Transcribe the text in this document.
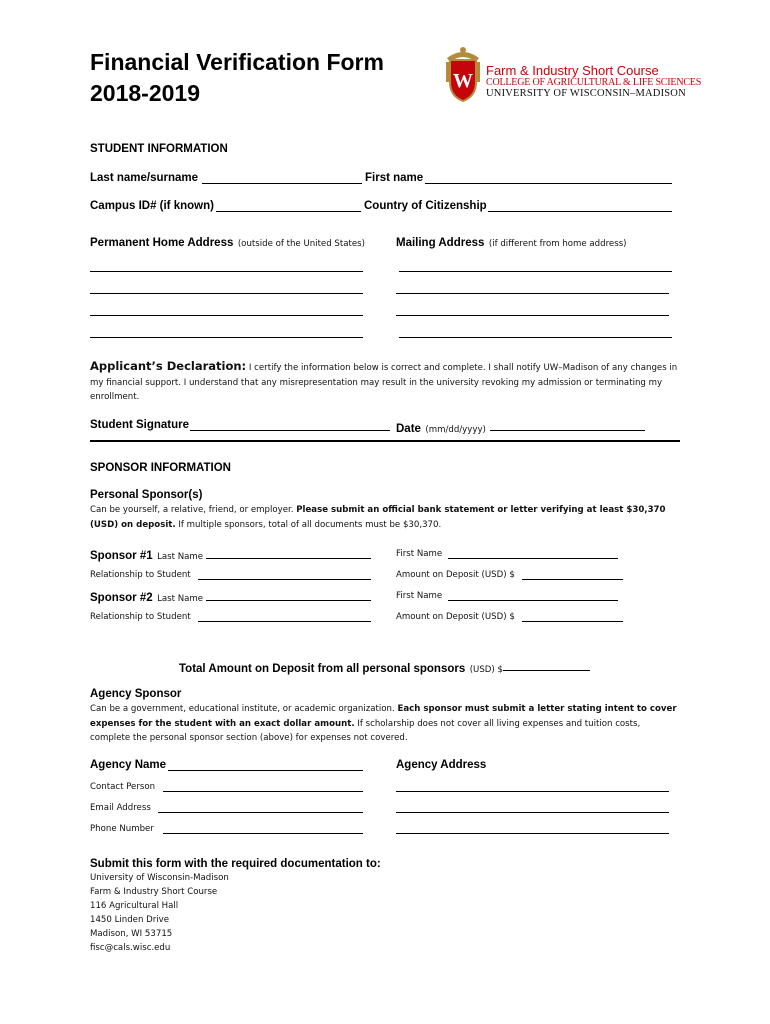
Financial Verification Form
2018-2019	W Farm & Industry Short Course
COLLEGE OF AGRICULTURAL & LIFE SCIENCES
UNIVERSITY OF WISCONSIN–MADISON
STUDENT INFORMATION
Last name/surname	First name
Campus ID# (if known)	Country of Citizenship
Permanent Home Address (outside of the United States)	Mailing Address (if different from home address)
Applicant’s Declaration: I certify the information below is correct and complete. I shall notify UW–Madison of any changes in my financial support. I understand that any misrepresentation may result in the university revoking my admission or terminating my enrollment.
Student Signature	Date (mm/dd/yyyy)
SPONSOR INFORMATION
Personal Sponsor(s)
Can be yourself, a relative, friend, or employer. Please submit an official bank statement or letter verifying at least $30,370 (USD) on deposit. If multiple sponsors, total of all documents must be $30,370.
Sponsor #1 Last Name	First Name
Relationship to Student	Amount on Deposit (USD) $
Sponsor #2 Last Name	First Name
Relationship to Student	Amount on Deposit (USD) $
Total Amount on Deposit from all personal sponsors (USD) $
Agency Sponsor
Can be a government, educational institute, or academic organization. Each sponsor must submit a letter stating intent to cover expenses for the student with an exact dollar amount. If scholarship does not cover all living expenses and tuition costs, complete the personal sponsor section (above) for expenses not covered.
Agency Name	Agency Address
Contact Person
Email Address
Phone Number
Submit this form with the required documentation to:
University of Wisconsin-Madison
Farm & Industry Short Course
116 Agricultural Hall
1450 Linden Drive
Madison, WI 53715
fisc@cals.wisc.edu
